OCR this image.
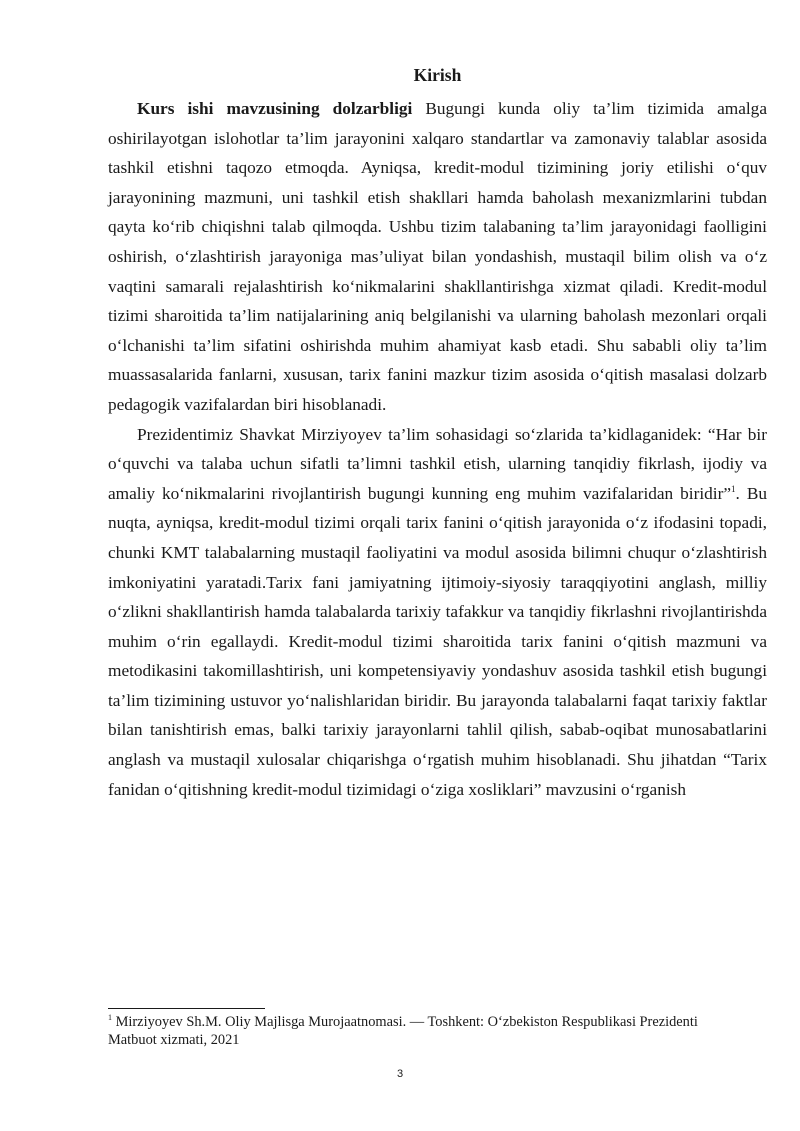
Kirish

Kurs ishi mavzusining dolzarbligi Bugungi kunda oliy ta’lim tizimida amalga oshirilayotgan islohotlar ta’lim jarayonini xalqaro standartlar va zamonaviy talablar asosida tashkil etishni taqozo etmoqda. Ayniqsa, kredit-modul tizimining joriy etilishi o‘quv jarayonining mazmuni, uni tashkil etish shakllari hamda baholash mexanizmlarini tubdan qayta ko‘rib chiqishni talab qilmoqda. Ushbu tizim talabaning ta’lim jarayonidagi faolligini oshirish, o‘zlashtirish jarayoniga mas’uliyat bilan yondashish, mustaqil bilim olish va o‘z vaqtini samarali rejalashtirish ko‘nikmalarini shakllantirishga xizmat qiladi. Kredit-modul tizimi sharoitida ta’lim natijalarining aniq belgilanishi va ularning baholash mezonlari orqali o‘lchanishi ta’lim sifatini oshirishda muhim ahamiyat kasb etadi. Shu sababli oliy ta’lim muassasalarida fanlarni, xususan, tarix fanini mazkur tizim asosida o‘qitish masalasi dolzarb pedagogik vazifalardan biri hisoblanadi.

Prezidentimiz Shavkat Mirziyoyev ta’lim sohasidagi so‘zlarida ta’kidlaganidek: “Har bir o‘quvchi va talaba uchun sifatli ta’limni tashkil etish, ularning tanqidiy fikrlash, ijodiy va amaliy ko‘nikmalarini rivojlantirish bugungi kunning eng muhim vazifalaridan biridir”$^1$. Bu nuqta, ayniqsa, kredit-modul tizimi orqali tarix fanini o‘qitish jarayonida o‘z ifodasini topadi, chunki KMT talabalarning mustaqil faoliyatini va modul asosida bilimni chuqur o‘zlashtirish imkoniyatini yaratadi.Tarix fani jamiyatning ijtimoiy-siyosiy taraqqiyotini anglash, milliy o‘zlikni shakllantirish hamda talabalarda tarixiy tafakkur va tanqidiy fikrlashni rivojlantirishda muhim o‘rin egallaydi. Kredit-modul tizimi sharoitida tarix fanini o‘qitish mazmuni va metodikasini takomillashtirish, uni kompetensiyaviy yondashuv asosida tashkil etish bugungi ta’lim tizimining ustuvor yo‘nalishlaridan biridir. Bu jarayonda talabalarni faqat tarixiy faktlar bilan tanishtirish emas, balki tarixiy jarayonlarni tahlil qilish, sabab-oqibat munosabatlarini anglash va mustaqil xulosalar chiqarishga o‘rgatish muhim hisoblanadi. Shu jihatdan “Tarix fanidan o‘qitishning kredit-modul tizimidagi o‘ziga xosliklari” mavzusini o‘rganish

$^1$ Mirziyoyev Sh.M. Oliy Majlisga Murojaatnomasi. — Toshkent: O‘zbekiston Respublikasi Prezidenti Matbuot xizmati, 2021
3
